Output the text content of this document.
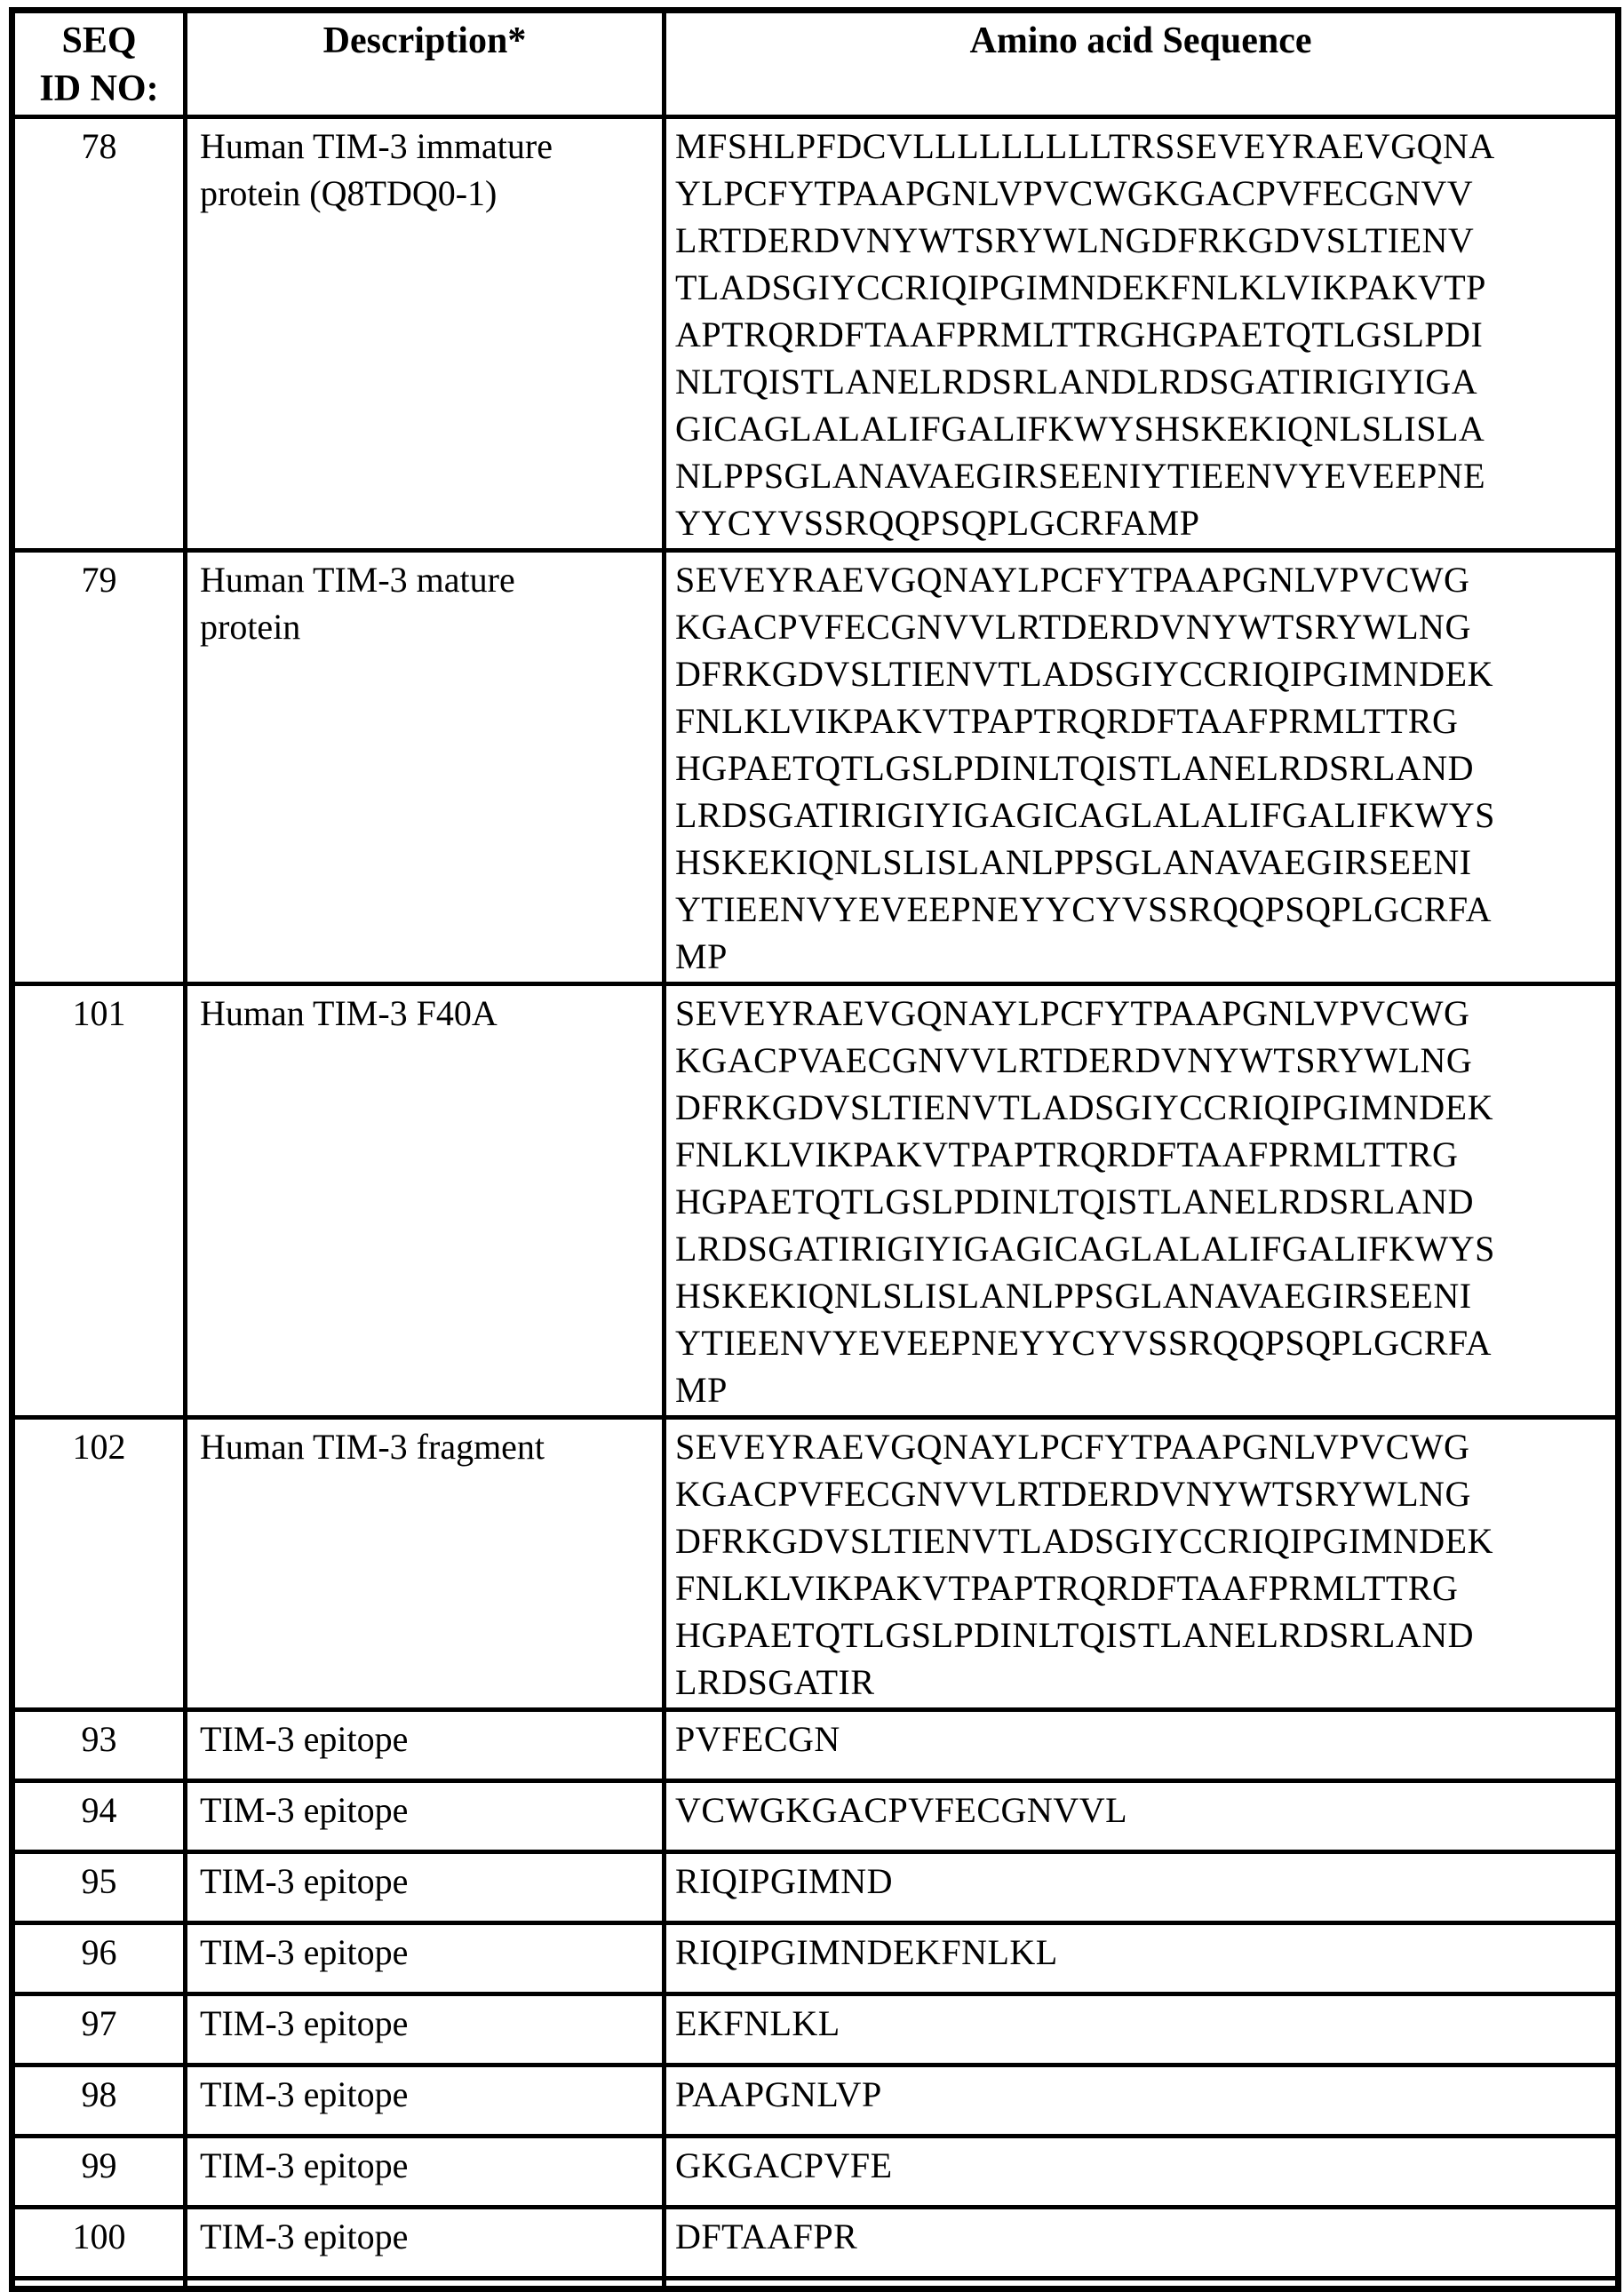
SEQ
ID NO:	Description*	Amino acid Sequence
78	Human TIM-3 immature
protein (Q8TDQ0-1)	MFSHLPFDCVLLLLLLLLLTRSSEVEYRAEVGQNA
YLPCFYTPAAPGNLVPVCWGKGACPVFECGNVV
LRTDERDVNYWTSRYWLNGDFRKGDVSLTIENV
TLADSGIYCCRIQIPGIMNDEKFNLKLVIKPAKVTP
APTRQRDFTAAFPRMLTTRGHGPAETQTLGSLPDI
NLTQISTLANELRDSRLANDLRDSGATIRIGIYIGA
GICAGLALALIFGALIFKWYSHSKEKIQNLSLISLA
NLPPSGLANAVAEGIRSEENIYTIEENVYEVEEPNE
YYCYVSSRQQPSQPLGCRFAMP
79	Human TIM-3 mature
protein	SEVEYRAEVGQNAYLPCFYTPAAPGNLVPVCWG
KGACPVFECGNVVLRTDERDVNYWTSRYWLNG
DFRKGDVSLTIENVTLADSGIYCCRIQIPGIMNDEK
FNLKLVIKPAKVTPAPTRQRDFTAAFPRMLTTRG
HGPAETQTLGSLPDINLTQISTLANELRDSRLAND
LRDSGATIRIGIYIGAGICAGLALALIFGALIFKWYS
HSKEKIQNLSLISLANLPPSGLANAVAEGIRSEENI
YTIEENVYEVEEPNEYYCYVSSRQQPSQPLGCRFA
MP
101	Human TIM-3 F40A	SEVEYRAEVGQNAYLPCFYTPAAPGNLVPVCWG
KGACPVAECGNVVLRTDERDVNYWTSRYWLNG
DFRKGDVSLTIENVTLADSGIYCCRIQIPGIMNDEK
FNLKLVIKPAKVTPAPTRQRDFTAAFPRMLTTRG
HGPAETQTLGSLPDINLTQISTLANELRDSRLAND
LRDSGATIRIGIYIGAGICAGLALALIFGALIFKWYS
HSKEKIQNLSLISLANLPPSGLANAVAEGIRSEENI
YTIEENVYEVEEPNEYYCYVSSRQQPSQPLGCRFA
MP
102	Human TIM-3 fragment	SEVEYRAEVGQNAYLPCFYTPAAPGNLVPVCWG
KGACPVFECGNVVLRTDERDVNYWTSRYWLNG
DFRKGDVSLTIENVTLADSGIYCCRIQIPGIMNDEK
FNLKLVIKPAKVTPAPTRQRDFTAAFPRMLTTRG
HGPAETQTLGSLPDINLTQISTLANELRDSRLAND
LRDSGATIR
93	TIM-3 epitope	PVFECGN
94	TIM-3 epitope	VCWGKGACPVFECGNVVL
95	TIM-3 epitope	RIQIPGIMND
96	TIM-3 epitope	RIQIPGIMNDEKFNLKL
97	TIM-3 epitope	EKFNLKL
98	TIM-3 epitope	PAAPGNLVP
99	TIM-3 epitope	GKGACPVFE
100	TIM-3 epitope	DFTAAFPR
